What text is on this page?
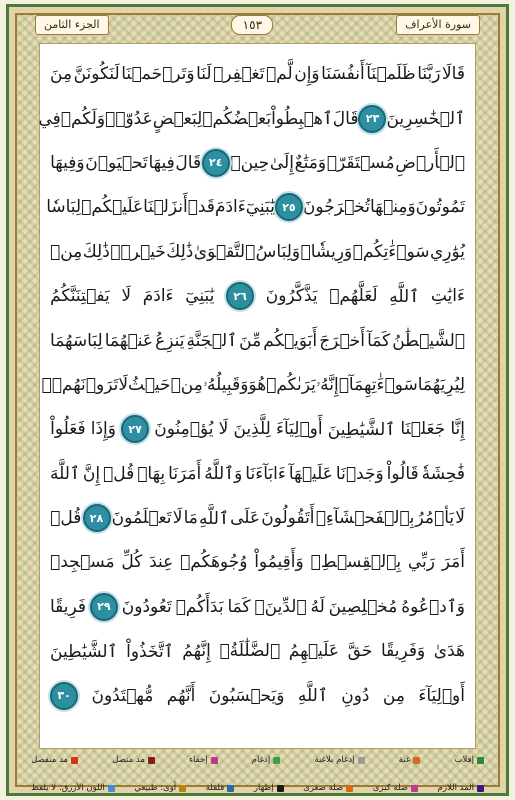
الجزء الثامن	١٥٣	سورة الأعراف
قَالَا
رَبَّنَا
ظَلَمۡنَآ
أَنفُسَنَا
وَإِن
لَّمۡ
تَغۡفِرۡ
لَنَا
وَتَرۡحَمۡنَا
لَنَكُونَنَّ
مِنَ
ٱلۡخَٰسِرِينَ
٢٣
قَالَ
ٱهۡبِطُواْ
بَعۡضُكُمۡ
لِبَعۡضٍ
عَدُوّٞۖ
وَلَكُمۡ
فِي
ٱلۡأَرۡضِ
مُسۡتَقَرّٞ
وَمَتَٰعٌ
إِلَىٰ
حِينٖ
٢٤
قَالَ
فِيهَا
تَحۡيَوۡنَ
وَفِيهَا
تَمُوتُونَ
وَمِنۡهَا
تُخۡرَجُونَ
٢٥
يَٰبَنِيٓ
ءَادَمَ
قَدۡ
أَنزَلۡنَا
عَلَيۡكُمۡ
لِبَاسٗا
يُوَٰرِي
سَوۡءَٰتِكُمۡ
وَرِيشٗاۖ
وَلِبَاسُ
ٱلتَّقۡوَىٰ
ذَٰلِكَ
خَيۡرٞۚ
ذَٰلِكَ
مِنۡ
ءَايَٰتِ
ٱللَّهِ
لَعَلَّهُمۡ
يَذَّكَّرُونَ
٢٦
يَٰبَنِيٓ
ءَادَمَ
لَا
يَفۡتِنَنَّكُمُ
ٱلشَّيۡطَٰنُ
كَمَآ
أَخۡرَجَ
أَبَوَيۡكُم
مِّنَ
ٱلۡجَنَّةِ
يَنزِعُ
عَنۡهُمَا
لِبَاسَهُمَا
لِيُرِيَهُمَا
سَوۡءَٰتِهِمَآۚ
إِنَّهُۥ
يَرَىٰكُمۡ
هُوَ
وَقَبِيلُهُۥ
مِنۡ
حَيۡثُ
لَا
تَرَوۡنَهُمۡۗ
إِنَّا
جَعَلۡنَا
ٱلشَّيَٰطِينَ
أَوۡلِيَآءَ
لِلَّذِينَ
لَا
يُؤۡمِنُونَ
٢٧
وَإِذَا
فَعَلُواْ
فَٰحِشَةٗ
قَالُواْ
وَجَدۡنَا
عَلَيۡهَآ
ءَابَآءَنَا
وَٱللَّهُ
أَمَرَنَا
بِهَاۗ
قُلۡ
إِنَّ
ٱللَّهَ
لَا
يَأۡمُرُ
بِٱلۡفَحۡشَآءِۖ
أَتَقُولُونَ
عَلَى
ٱللَّهِ
مَا
لَا
تَعۡلَمُونَ
٢٨
قُلۡ
أَمَرَ
رَبِّي
بِٱلۡقِسۡطِۖ
وَأَقِيمُواْ
وُجُوهَكُمۡ
عِندَ
كُلِّ
مَسۡجِدٖ
وَٱدۡعُوهُ
مُخۡلِصِينَ
لَهُ
ٱلدِّينَۚ
كَمَا
بَدَأَكُمۡ
تَعُودُونَ
٢٩
فَرِيقًا
هَدَىٰ
وَفَرِيقًا
حَقَّ
عَلَيۡهِمُ
ٱلضَّلَٰلَةُۚ
إِنَّهُمُ
ٱتَّخَذُواْ
ٱلشَّيَٰطِينَ
أَوۡلِيَآءَ
مِن
دُونِ
ٱللَّهِ
وَيَحۡسَبُونَ
أَنَّهُم
مُّهۡتَدُونَ
٣٠
إقلاب
غنة
إدغام بلاغنة
إدغام
إخفاء
مد متصل
مد منفصل
المد اللازم
صلة كبرى
صلة صغرى
إظهار
قلقلة
أوى: طبيعي
اللون الأزرق: لا يلفظ
